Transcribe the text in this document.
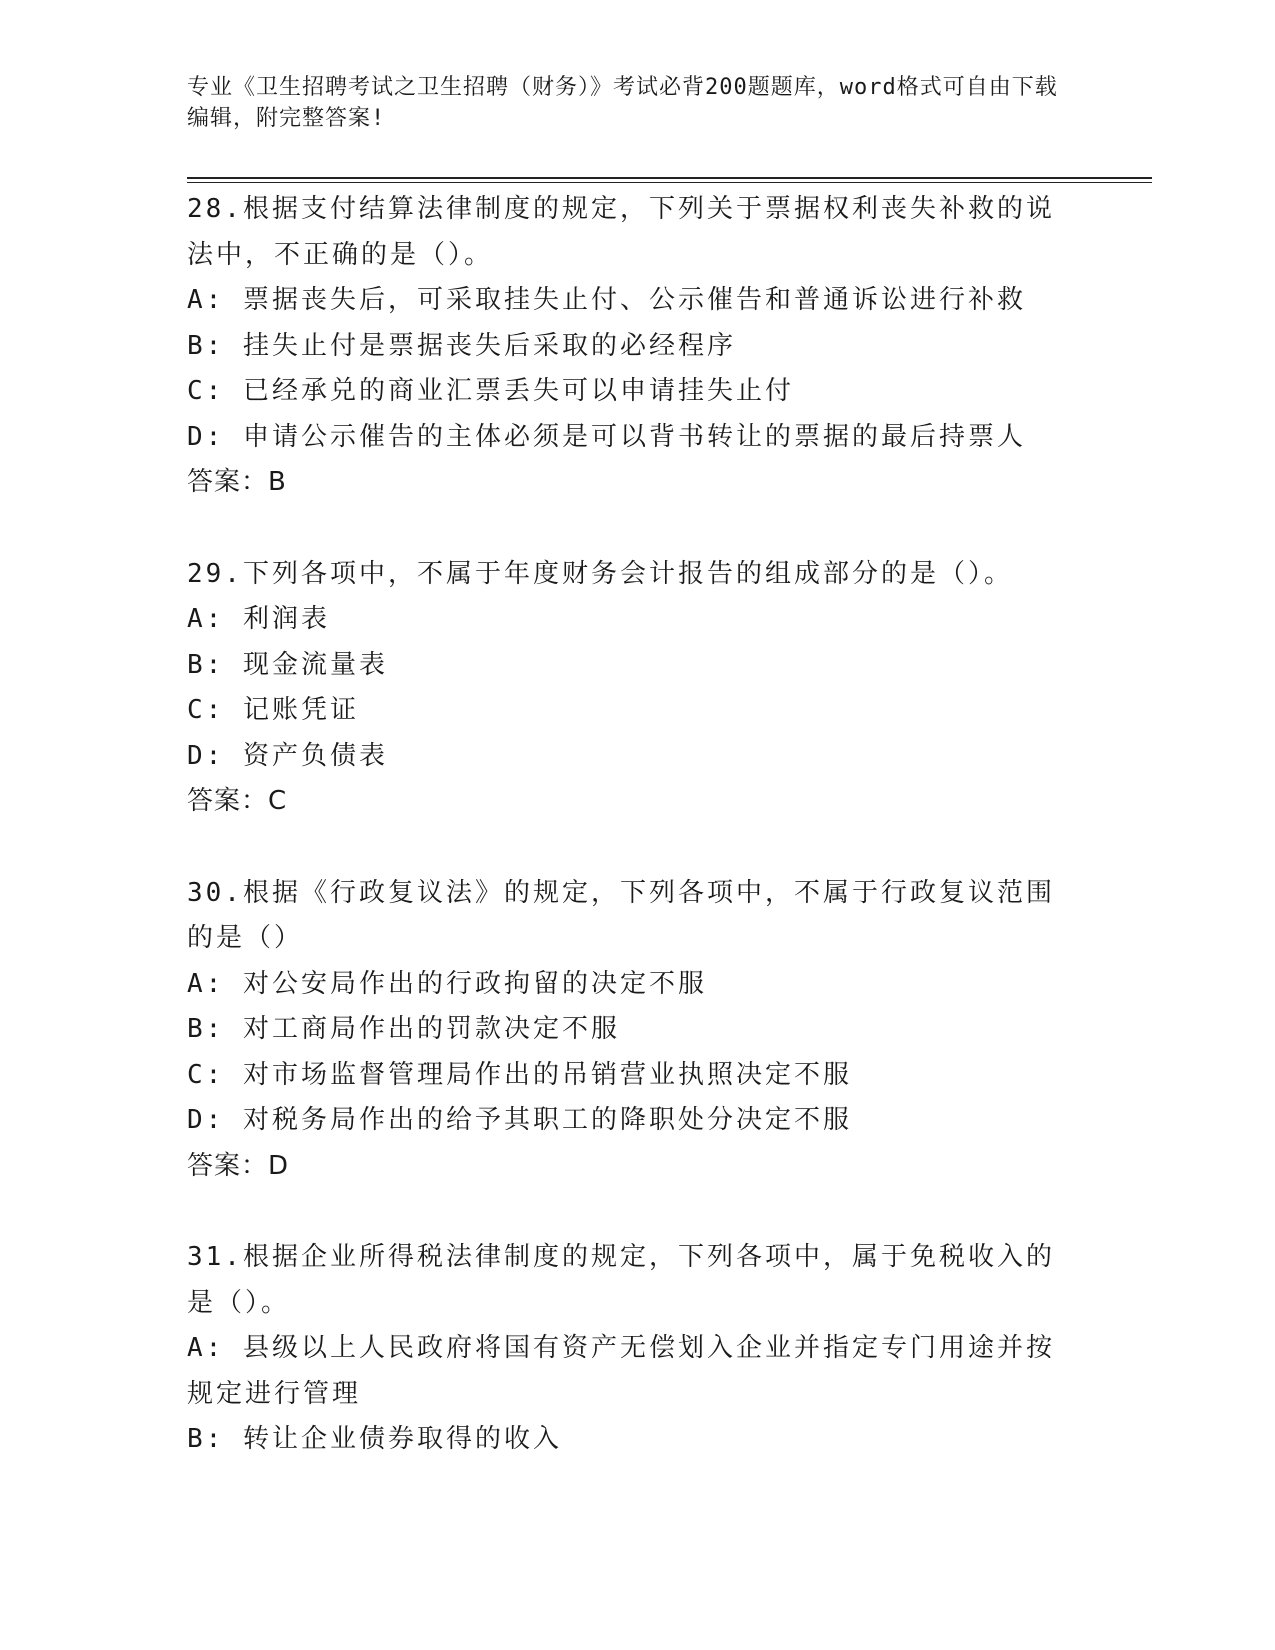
专业《卫生招聘考试之卫生招聘（财务）》考试必背200题题库，word格式可自由下载编辑，附完整答案!
28.根据支付结算法律制度的规定，下列关于票据权利丧失补救的说法中，不正确的是（）。
A: 票据丧失后，可采取挂失止付、公示催告和普通诉讼进行补救
B: 挂失止付是票据丧失后采取的必经程序
C: 已经承兑的商业汇票丢失可以申请挂失止付
D: 申请公示催告的主体必须是可以背书转让的票据的最后持票人
答案：B
29.下列各项中，不属于年度财务会计报告的组成部分的是（）。
A: 利润表
B: 现金流量表
C: 记账凭证
D: 资产负债表
答案：C
30.根据《行政复议法》的规定，下列各项中，不属于行政复议范围的是（）
A: 对公安局作出的行政拘留的决定不服
B: 对工商局作出的罚款决定不服
C: 对市场监督管理局作出的吊销营业执照决定不服
D: 对税务局作出的给予其职工的降职处分决定不服
答案：D
31.根据企业所得税法律制度的规定，下列各项中，属于免税收入的是（）。
A: 县级以上人民政府将国有资产无偿划入企业并指定专门用途并按规定进行管理
B: 转让企业债券取得的收入
